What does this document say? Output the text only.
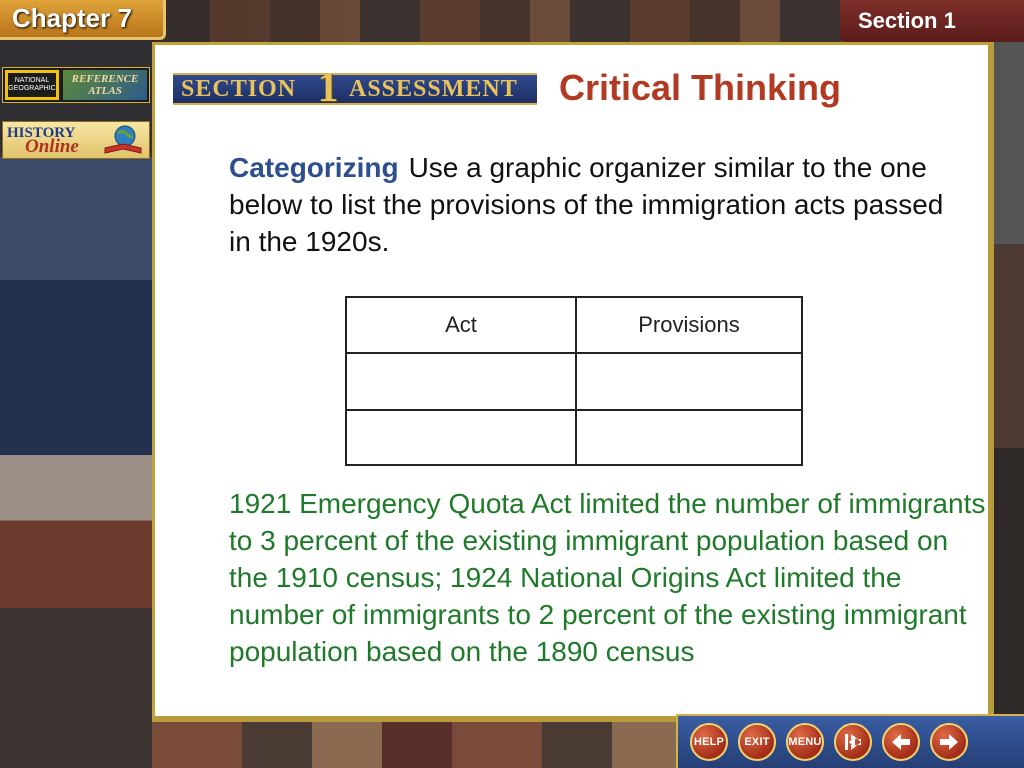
Chapter 7	Section 1
NATIONAL GEOGRAPHIC
REFERENCE
ATLAS
HISTORY
Online
SECTION 1 ASSESSMENT Critical Thinking
Categorizing Use a graphic organizer similar to the one below to list the provisions of the immigration acts passed in the 1920s.
Act	Provisions
1921 Emergency Quota Act limited the number of immigrants to 3 percent of the existing immigrant population based on the 1910 census; 1924 National Origins Act limited the number of immigrants to 2 percent of the existing immigrant population based on the 1890 census
HELP	EXIT	MENU
